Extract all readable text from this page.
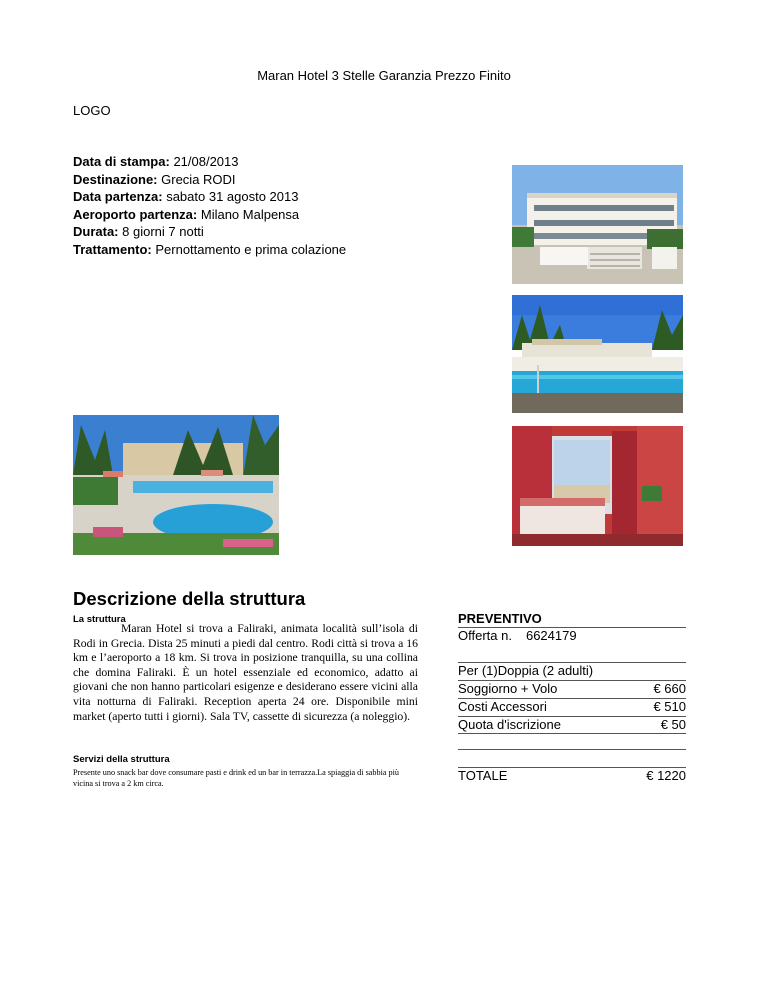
Maran Hotel 3 Stelle Garanzia Prezzo Finito
LOGO
Data di stampa: 21/08/2013
Destinazione: Grecia RODI
Data partenza: sabato 31 agosto 2013
Aeroporto partenza: Milano Malpensa
Durata: 8 giorni 7 notti
Trattamento: Pernottamento e prima colazione
Descrizione della struttura
La struttura
Maran Hotel si trova a Faliraki, animata località sull’isola di Rodi in Grecia. Dista 25 minuti a piedi dal centro. Rodi città si trova a 16 km e l’aeroporto a 18 km. Si trova in posizione tranquilla, su una collina che domina Faliraki. È un hotel essenziale ed economico, adatto ai giovani che non hanno particolari esigenze e desiderano essere vicini alla vita notturna di Faliraki. Reception aperta 24 ore. Disponibile mini market (aperto tutti i giorni). Sala TV, cassette di sicurezza (a noleggio).
Servizi della struttura
Presente uno snack bar dove consumare pasti e drink ed un bar in terrazza.La spiaggia di sabbia più vicina si trova a 2 km circa.
PREVENTIVO
Offerta n. 6624179
Per (1)Doppia (2 adulti)
Soggiorno + Volo	€ 660
Costi Accessori	€ 510
Quota d'iscrizione	€ 50
TOTALE	€ 1220
